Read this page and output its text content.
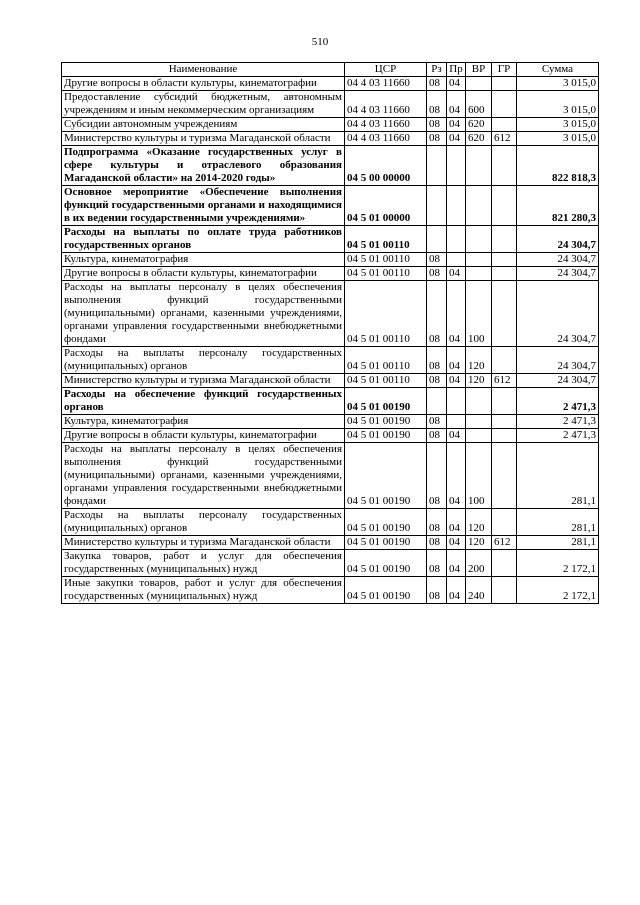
510
Наименование	ЦСР	Рз	Пр	ВР	ГР	Сумма
Другие вопросы в области культуры, кинематографии	04 4 03 11660	08	04			3 015,0
Предоставление субсидий бюджетным, автономным учреждениям и иным некоммерческим организациям	04 4 03 11660	08	04	600		3 015,0
Субсидии автономным учреждениям	04 4 03 11660	08	04	620		3 015,0
Министерство культуры и туризма Магаданской области	04 4 03 11660	08	04	620	612	3 015,0
Подпрограмма «Оказание государственных услуг в сфере культуры и отраслевого образования Магаданской области» на 2014-2020 годы»	04 5 00 00000					822 818,3
Основное мероприятие «Обеспечение выполнения функций государственными органами и находящимися в их ведении государственными учреждениями»	04 5 01 00000					821 280,3
Расходы на выплаты по оплате труда работников государственных органов	04 5 01 00110					24 304,7
Культура, кинематография	04 5 01 00110	08				24 304,7
Другие вопросы в области культуры, кинематографии	04 5 01 00110	08	04			24 304,7
Расходы на выплаты персоналу в целях обеспечения выполнения функций государственными (муниципальными) органами, казенными учреждениями, органами управления государственными внебюджетными фондами	04 5 01 00110	08	04	100		24 304,7
Расходы на выплаты персоналу государственных (муниципальных) органов	04 5 01 00110	08	04	120		24 304,7
Министерство культуры и туризма Магаданской области	04 5 01 00110	08	04	120	612	24 304,7
Расходы на обеспечение функций государственных органов	04 5 01 00190					2 471,3
Культура, кинематография	04 5 01 00190	08				2 471,3
Другие вопросы в области культуры, кинематографии	04 5 01 00190	08	04			2 471,3
Расходы на выплаты персоналу в целях обеспечения выполнения функций государственными (муниципальными) органами, казенными учреждениями, органами управления государственными внебюджетными фондами	04 5 01 00190	08	04	100		281,1
Расходы на выплаты персоналу государственных (муниципальных) органов	04 5 01 00190	08	04	120		281,1
Министерство культуры и туризма Магаданской области	04 5 01 00190	08	04	120	612	281,1
Закупка товаров, работ и услуг для обеспечения государственных (муниципальных) нужд	04 5 01 00190	08	04	200		2 172,1
Иные закупки товаров, работ и услуг для обеспечения государственных (муниципальных) нужд	04 5 01 00190	08	04	240		2 172,1
